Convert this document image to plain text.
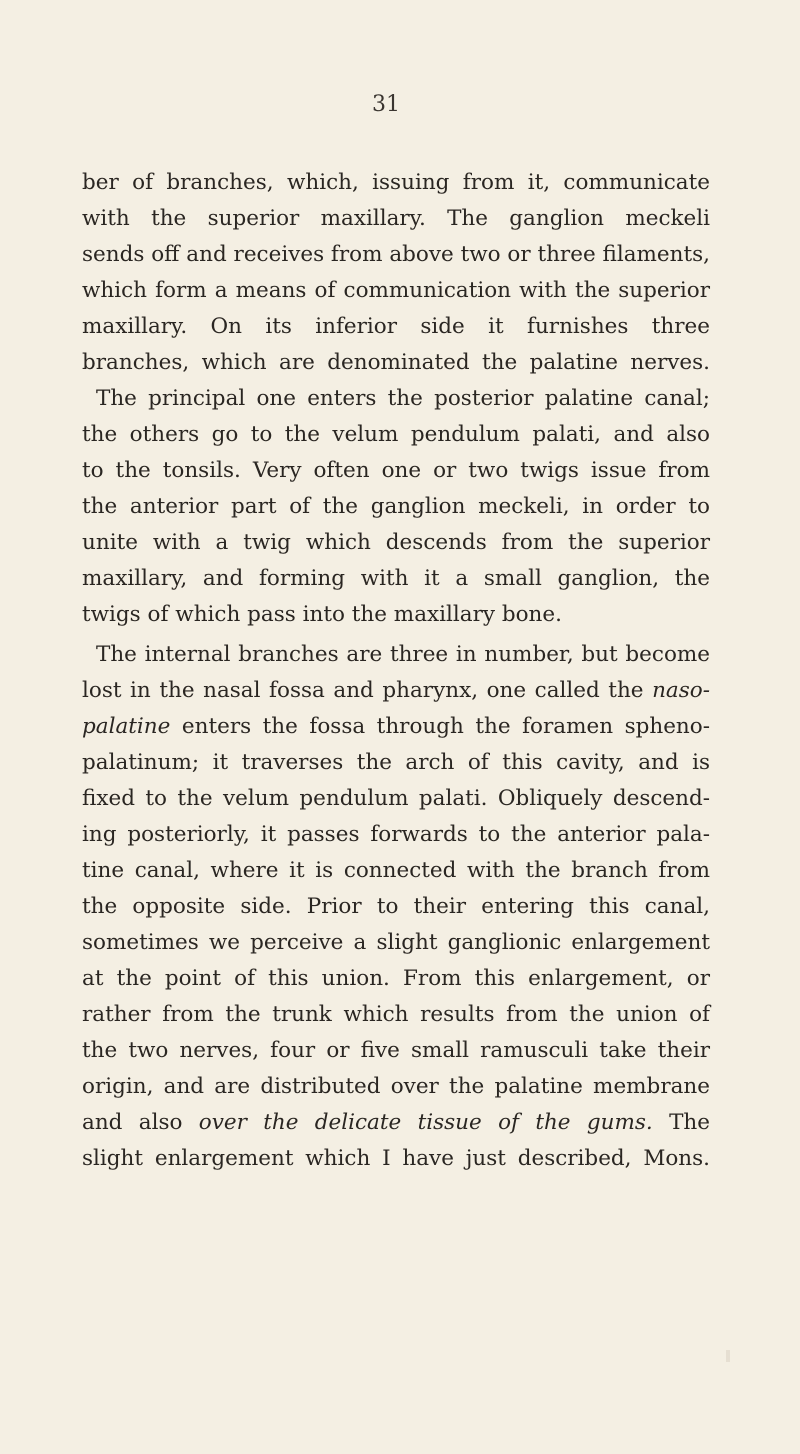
31
ber of branches, which, issuing from it, communicate
with the superior maxillary. The ganglion meckeli
sends off and receives from above two or three filaments,
which form a means of communication with the superior
maxillary. On its inferior side it furnishes three
branches, which are denominated the palatine nerves.
The principal one enters the posterior palatine canal;
the others go to the velum pendulum palati, and also
to the tonsils. Very often one or two twigs issue from
the anterior part of the ganglion meckeli, in order to
unite with a twig which descends from the superior
maxillary, and forming with it a small ganglion, the
twigs of which pass into the maxillary bone.
The internal branches are three in number, but become
lost in the nasal fossa and pharynx, one called the naso-
palatine enters the fossa through the foramen spheno-
palatinum; it traverses the arch of this cavity, and is
fixed to the velum pendulum palati. Obliquely descend-
ing posteriorly, it passes forwards to the anterior pala-
tine canal, where it is connected with the branch from
the opposite side. Prior to their entering this canal,
sometimes we perceive a slight ganglionic enlargement
at the point of this union. From this enlargement, or
rather from the trunk which results from the union of
the two nerves, four or five small ramusculi take their
origin, and are distributed over the palatine membrane
and also over the delicate tissue of the gums. The
slight enlargement which I have just described, Mons.
